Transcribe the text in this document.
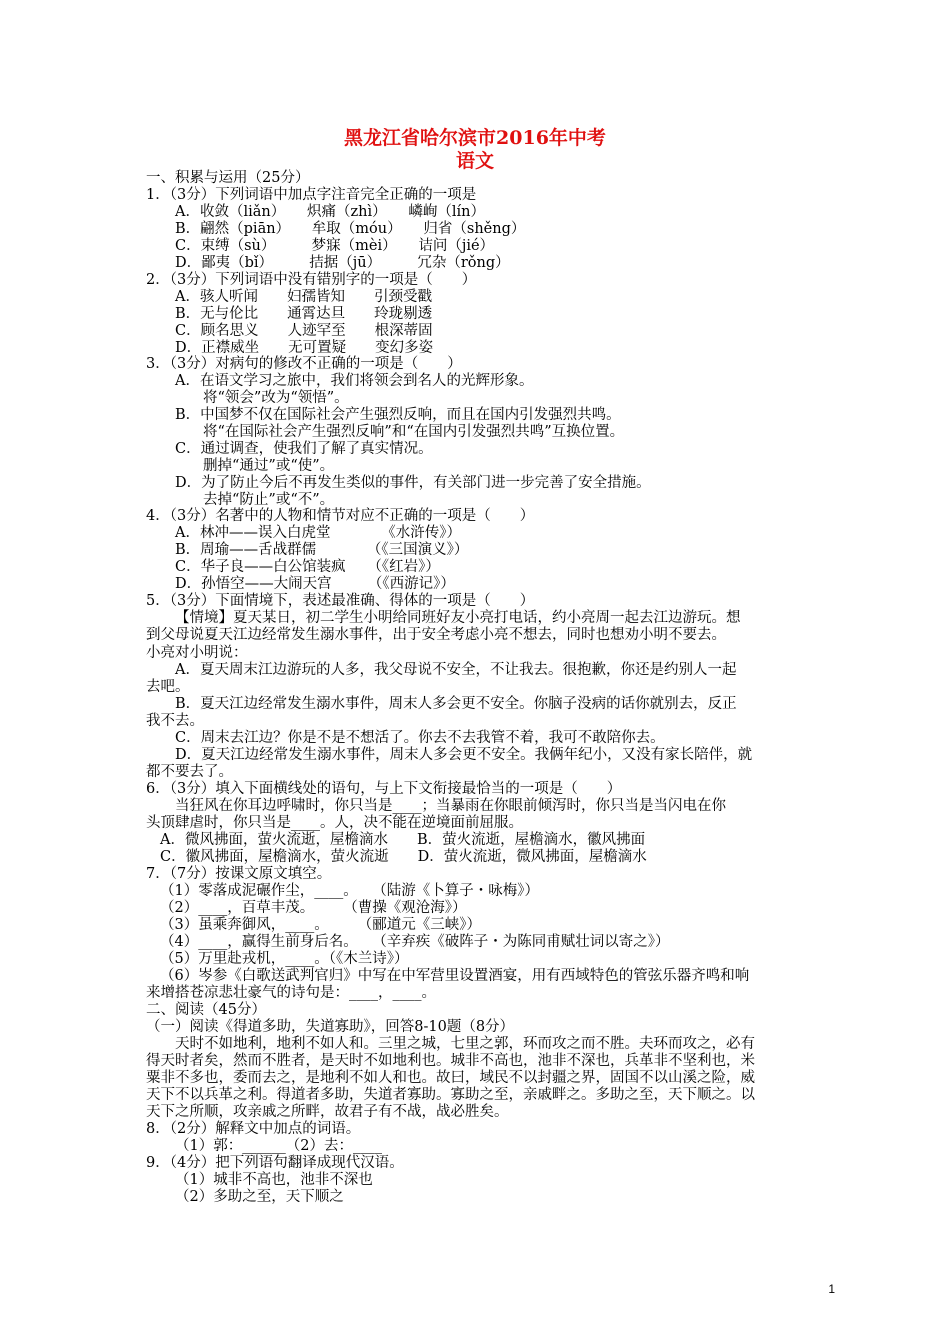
黑龙江省哈尔滨市2016年中考
语文
一、积累与运用（25分）
1．（3分）下列词语中加点字注音完全正确的一项是
A．收敛（liǎn）　　炽痛（zhì）　　嶙峋（lín）
B．翩然（piān）　　牟取（móu）　　归省（shěng）
C．束缚（sù）　　　梦寐（mèi）　　诘问（jié）
D．鄙夷（bǐ）　　　拮据（jū）　　　冗杂（rǒng）
2．（3分）下列词语中没有错别字的一项是（　　）
A．骇人听闻　　妇孺皆知　　引颈受戳
B．无与伦比　　通霄达旦　　玲珑剔透
C．顾名思义　　人迹罕至　　根深蒂固
D．正襟威坐　　无可置疑　　变幻多姿
3．（3分）对病句的修改不正确的一项是（　　）
A．在语文学习之旅中，我们将领会到名人的光辉形象。
将“领会”改为“领悟”。
B．中国梦不仅在国际社会产生强烈反响，而且在国内引发强烈共鸣。
将“在国际社会产生强烈反响”和“在国内引发强烈共鸣”互换位置。
C．通过调查，使我们了解了真实情况。
删掉“通过”或“使”。
D．为了防止今后不再发生类似的事件，有关部门进一步完善了安全措施。
去掉“防止”或“不”。
4．（3分）名著中的人物和情节对应不正确的一项是（　　）
A．林冲——误入白虎堂　　　　《水浒传》）
B．周瑜——舌战群儒　　　　（《三国演义》）
C．华子良——白公馆装疯　　（《红岩》）
D．孙悟空——大闹天宫　　　（《西游记》）
5．（3分）下面情境下，表述最准确、得体的一项是（　　）
【情境】夏天某日，初二学生小明给同班好友小亮打电话，约小亮周一起去江边游玩。想
到父母说夏天江边经常发生溺水事件，出于安全考虑小亮不想去，同时也想劝小明不要去。
小亮对小明说：
A．夏天周末江边游玩的人多，我父母说不安全，不让我去。很抱歉，你还是约别人一起
去吧。
B．夏天江边经常发生溺水事件，周末人多会更不安全。你脑子没病的话你就别去，反正
我不去。
C．周末去江边？你是不是不想活了。你去不去我管不着，我可不敢陪你去。
D．夏天江边经常发生溺水事件，周末人多会更不安全。我俩年纪小，又没有家长陪伴，就
都不要去了。
6．（3分）填入下面横线处的语句，与上下文衔接最恰当的一项是（　　）
当狂风在你耳边呼啸时，你只当是____；当暴雨在你眼前倾泻时，你只当是当闪电在你
头顶肆虐时，你只当是____。人，决不能在逆境面前屈服。
A．微风拂面，萤火流逝，屋檐滴水　　B．萤火流逝，屋檐滴水，徽风拂面
C．徽风拂面，屋檐滴水，萤火流逝　　D．萤火流逝，微风拂面，屋檐滴水
7．（7分）按课文原文填空。
（1）零落成泥碾作尘，____。　　（陆游《卜算子・咏梅》）
（2）____，百草丰茂。　　　（曹操《观沧海》）
（3）虽乘奔御风，____。　　　（郦道元《三峡》）
（4）____，赢得生前身后名。　　（辛弃疾《破阵子・为陈同甫赋壮词以寄之》）
（5）万里赴戎机，____。（《木兰诗》）
（6）岑参《白歌送武判官归》中写在中军营里设置酒宴，用有西域特色的管弦乐器齐鸣和响
来增搭苍凉悲壮豪气的诗句是：____，____。
二、阅读（45分）
（一）阅读《得道多助，失道寡助》，回答8-10题（8分）
天时不如地利，地利不如人和。三里之城，七里之郭，环而攻之而不胜。夫环而攻之，必有
得天时者矣，然而不胜者，是天时不如地利也。城非不高也，池非不深也，兵革非不坚利也，米
粟非不多也，委而去之，是地利不如人和也。故曰，域民不以封疆之界，固国不以山溪之险，威
天下不以兵革之利。得道者多助，失道者寡助。寡助之至，亲戚畔之。多助之至，天下顺之。以
天下之所顺，攻亲戚之所畔，故君子有不战，战必胜矣。
8．（2分）解释文中加点的词语。
（1）郭：______（2）去：____
9．（4分）把下列语句翻译成现代汉语。
（1）城非不高也，池非不深也
（2）多助之至，天下顺之
1
